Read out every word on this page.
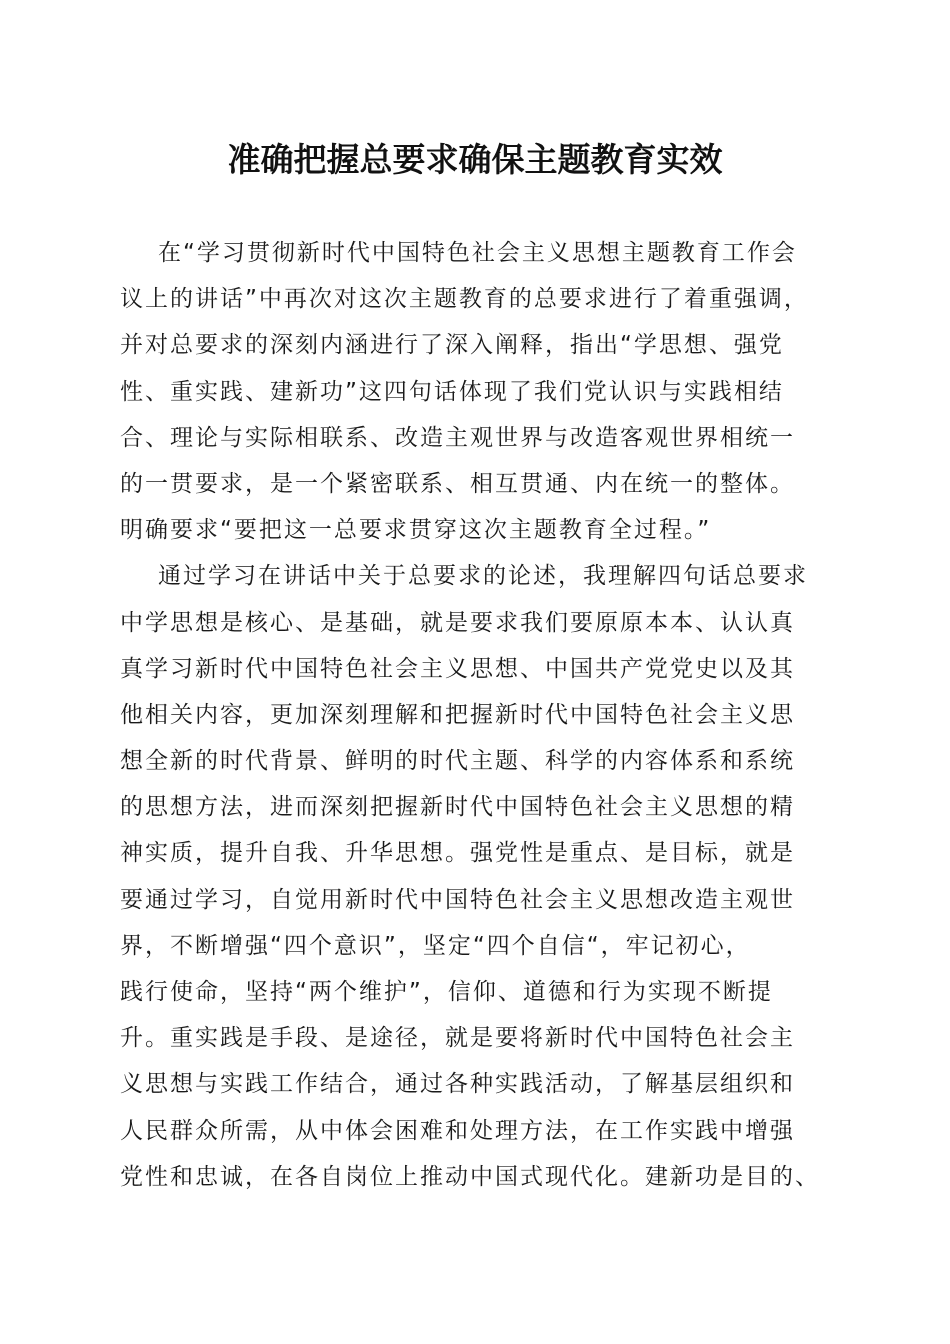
准确把握总要求确保主题教育实效
在“学习贯彻新时代中国特色社会主义思想主题教育工作会
议上的讲话”中再次对这次主题教育的总要求进行了着重强调，
并对总要求的深刻内涵进行了深入阐释，指出“学思想、强党
性、重实践、建新功”这四句话体现了我们党认识与实践相结
合、理论与实际相联系、改造主观世界与改造客观世界相统一
的一贯要求，是一个紧密联系、相互贯通、内在统一的整体。
明确要求“要把这一总要求贯穿这次主题教育全过程。”
通过学习在讲话中关于总要求的论述，我理解四句话总要求
中学思想是核心、是基础，就是要求我们要原原本本、认认真
真学习新时代中国特色社会主义思想、中国共产党党史以及其
他相关内容，更加深刻理解和把握新时代中国特色社会主义思
想全新的时代背景、鲜明的时代主题、科学的内容体系和系统
的思想方法，进而深刻把握新时代中国特色社会主义思想的精
神实质，提升自我、升华思想。强党性是重点、是目标，就是
要通过学习，自觉用新时代中国特色社会主义思想改造主观世
界，不断增强“四个意识”，坚定“四个自信“，牢记初心，
践行使命，坚持“两个维护”，信仰、道德和行为实现不断提
升。重实践是手段、是途径，就是要将新时代中国特色社会主
义思想与实践工作结合，通过各种实践活动，了解基层组织和
人民群众所需，从中体会困难和处理方法，在工作实践中增强
党性和忠诚，在各自岗位上推动中国式现代化。建新功是目的、
